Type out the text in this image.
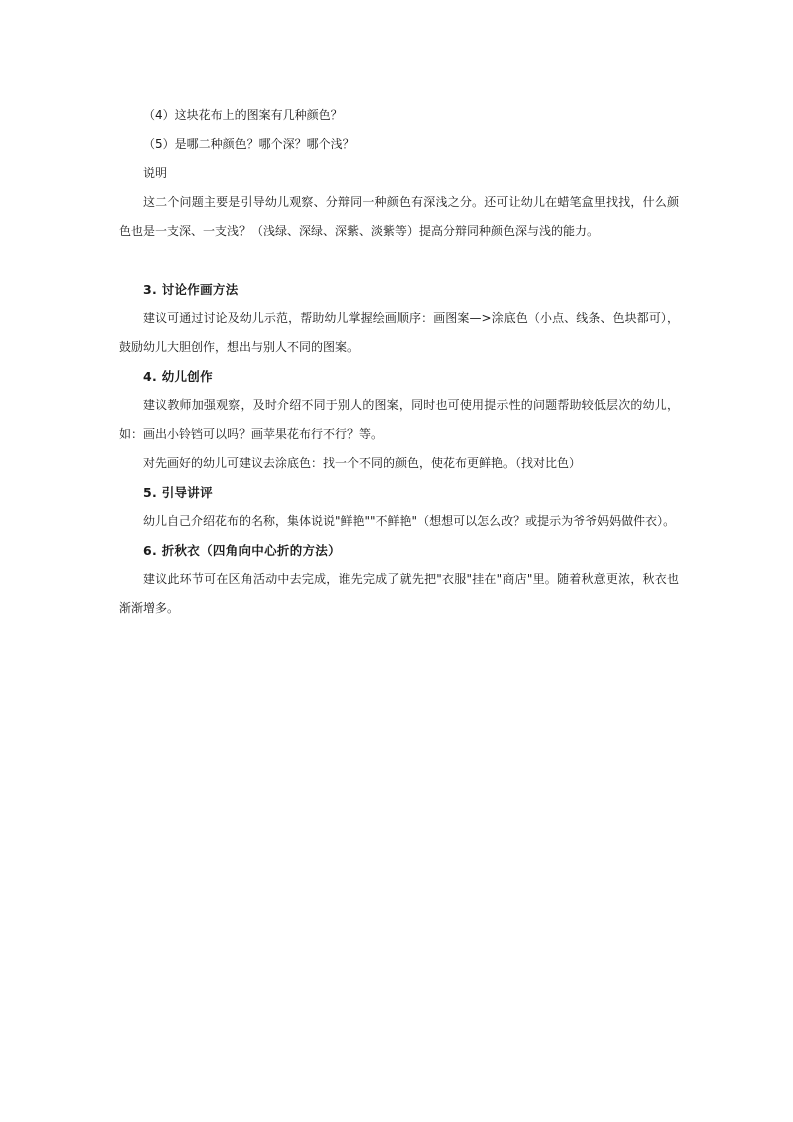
（4）这块花布上的图案有几种颜色？

（5）是哪二种颜色？哪个深？哪个浅？

说明

这二个问题主要是引导幼儿观察、分辩同一种颜色有深浅之分。还可让幼儿在蜡笔盒里找找，什么颜色也是一支深、一支浅？（浅绿、深绿、深紫、淡紫等）提高分辩同种颜色深与浅的能力。

3. 讨论作画方法

建议可通过讨论及幼儿示范，帮助幼儿掌握绘画顺序：画图案—>涂底色（小点、线条、色块都可），鼓励幼儿大胆创作，想出与别人不同的图案。

4. 幼儿创作

建议教师加强观察，及时介绍不同于别人的图案，同时也可使用提示性的问题帮助较低层次的幼儿，如：画出小铃铛可以吗？画苹果花布行不行？等。

对先画好的幼儿可建议去涂底色：找一个不同的颜色，使花布更鲜艳。（找对比色）

5. 引导讲评

幼儿自己介绍花布的名称，集体说说"鲜艳""不鲜艳"（想想可以怎么改？或提示为爷爷妈妈做件衣）。

6. 折秋衣（四角向中心折的方法）

建议此环节可在区角活动中去完成，谁先完成了就先把"衣服"挂在"商店"里。随着秋意更浓，秋衣也渐渐增多。
